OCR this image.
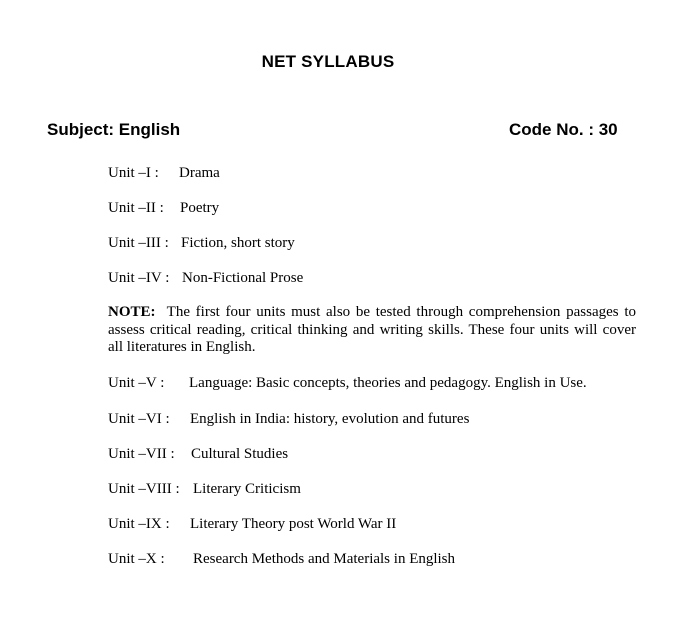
NET SYLLABUS
Subject: English	Code No. : 30
Unit –I : Drama
Unit –II : Poetry
Unit –III : Fiction, short story
Unit –IV : Non-Fictional Prose
NOTE: The first four units must also be tested through comprehension passages to assess critical reading, critical thinking and writing skills. These four units will cover all literatures in English.
Unit –V : Language: Basic concepts, theories and pedagogy. English in Use.
Unit –VI : English in India: history, evolution and futures
Unit –VII : Cultural Studies
Unit –VIII : Literary Criticism
Unit –IX : Literary Theory post World War II
Unit –X : Research Methods and Materials in English
